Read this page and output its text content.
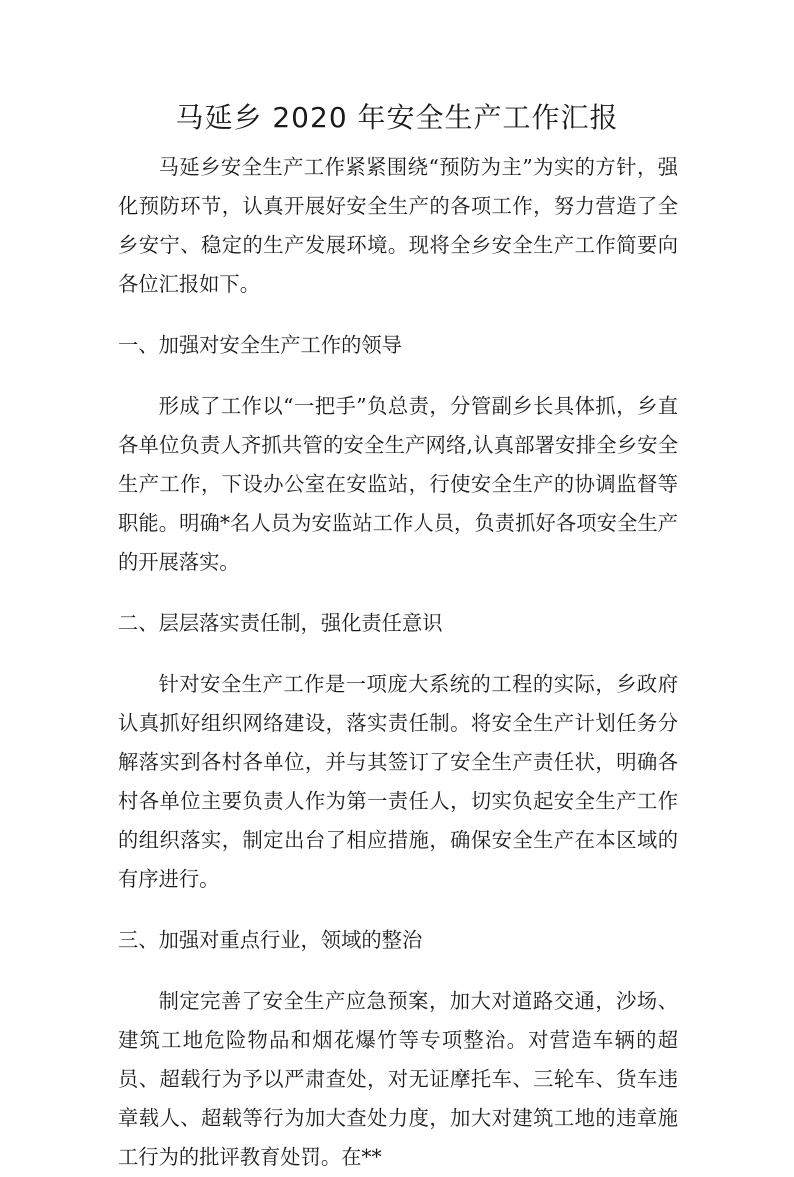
马延乡 2020 年安全生产工作汇报

马延乡安全生产工作紧紧围绕“预防为主”为实的方针，强化预防环节，认真开展好安全生产的各项工作，努力营造了全乡安宁、稳定的生产发展环境。现将全乡安全生产工作简要向各位汇报如下。

一、加强对安全生产工作的领导

形成了工作以“一把手”负总责，分管副乡长具体抓，乡直各单位负责人齐抓共管的安全生产网络,认真部署安排全乡安全生产工作，下设办公室在安监站，行使安全生产的协调监督等职能。明确*名人员为安监站工作人员，负责抓好各项安全生产的开展落实。

二、层层落实责任制，强化责任意识

针对安全生产工作是一项庞大系统的工程的实际，乡政府认真抓好组织网络建设，落实责任制。将安全生产计划任务分解落实到各村各单位，并与其签订了安全生产责任状，明确各村各单位主要负责人作为第一责任人，切实负起安全生产工作的组织落实，制定出台了相应措施，确保安全生产在本区域的有序进行。

三、加强对重点行业，领域的整治

制定完善了安全生产应急预案，加大对道路交通，沙场、建筑工地危险物品和烟花爆竹等专项整治。对营造车辆的超员、超载行为予以严肃查处，对无证摩托车、三轮车、货车违章载人、超载等行为加大查处力度，加大对建筑工地的违章施工行为的批评教育处罚。在**
